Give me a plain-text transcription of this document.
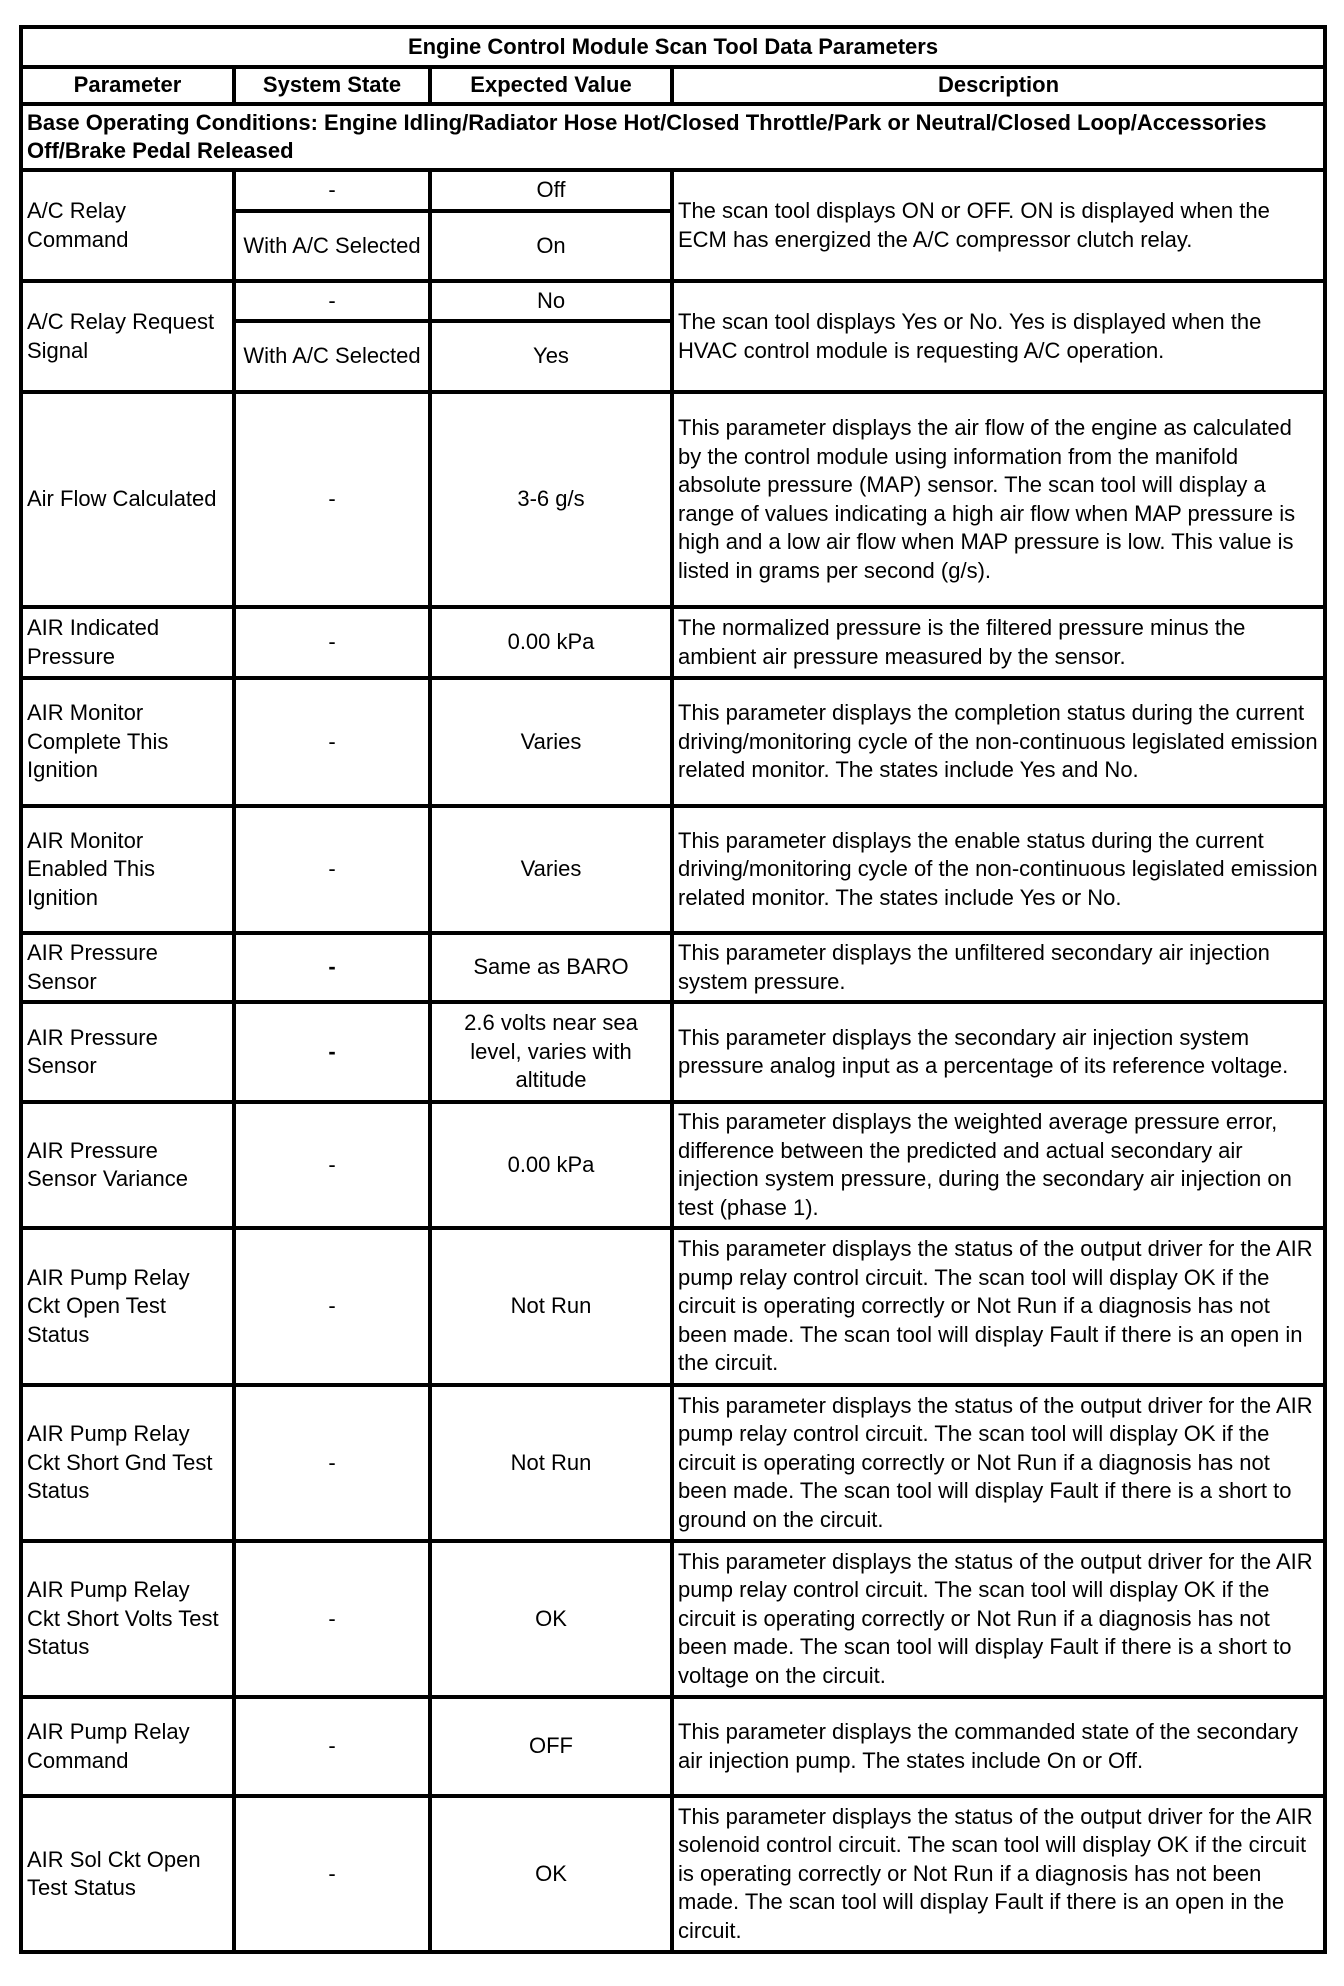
Engine Control Module Scan Tool Data Parameters			
Parameter	System State	Expected Value	Description
Base Operating Conditions: Engine Idling/Radiator Hose Hot/Closed Throttle/Park or Neutral/Closed Loop/Accessories Off/Brake Pedal Released			
A/C Relay Command	-	Off	The scan tool displays ON or OFF. ON is displayed when the ECM has energized the A/C compressor clutch relay.
	With A/C Selected	On	
A/C Relay Request Signal	-	No	The scan tool displays Yes or No. Yes is displayed when the HVAC control module is requesting A/C operation.
	With A/C Selected	Yes	
Air Flow Calculated	-	3-6 g/s	This parameter displays the air flow of the engine as calculated by the control module using information from the manifold absolute pressure (MAP) sensor. The scan tool will display a range of values indicating a high air flow when MAP pressure is high and a low air flow when MAP pressure is low. This value is listed in grams per second (g/s).
AIR Indicated Pressure	-	0.00 kPa	The normalized pressure is the filtered pressure minus the ambient air pressure measured by the sensor.
AIR Monitor Complete This Ignition	-	Varies	This parameter displays the completion status during the current driving/monitoring cycle of the non-continuous legislated emission related monitor. The states include Yes and No.
AIR Monitor Enabled This Ignition	-	Varies	This parameter displays the enable status during the current driving/monitoring cycle of the non-continuous legislated emission related monitor. The states include Yes or No.
AIR Pressure Sensor	-	Same as BARO	This parameter displays the unfiltered secondary air injection system pressure.
AIR Pressure Sensor	-	2.6 volts near sea level, varies with altitude	This parameter displays the secondary air injection system pressure analog input as a percentage of its reference voltage.
AIR Pressure Sensor Variance	-	0.00 kPa	This parameter displays the weighted average pressure error, difference between the predicted and actual secondary air injection system pressure, during the secondary air injection on test (phase 1).
AIR Pump Relay Ckt Open Test Status	-	Not Run	This parameter displays the status of the output driver for the AIR pump relay control circuit. The scan tool will display OK if the circuit is operating correctly or Not Run if a diagnosis has not been made. The scan tool will display Fault if there is an open in the circuit.
AIR Pump Relay Ckt Short Gnd Test Status	-	Not Run	This parameter displays the status of the output driver for the AIR pump relay control circuit. The scan tool will display OK if the circuit is operating correctly or Not Run if a diagnosis has not been made. The scan tool will display Fault if there is a short to ground on the circuit.
AIR Pump Relay Ckt Short Volts Test Status	-	OK	This parameter displays the status of the output driver for the AIR pump relay control circuit. The scan tool will display OK if the circuit is operating correctly or Not Run if a diagnosis has not been made. The scan tool will display Fault if there is a short to voltage on the circuit.
AIR Pump Relay Command	-	OFF	This parameter displays the commanded state of the secondary air injection pump. The states include On or Off.
AIR Sol Ckt Open Test Status	-	OK	This parameter displays the status of the output driver for the AIR solenoid control circuit. The scan tool will display OK if the circuit is operating correctly or Not Run if a diagnosis has not been made. The scan tool will display Fault if there is an open in the circuit.
